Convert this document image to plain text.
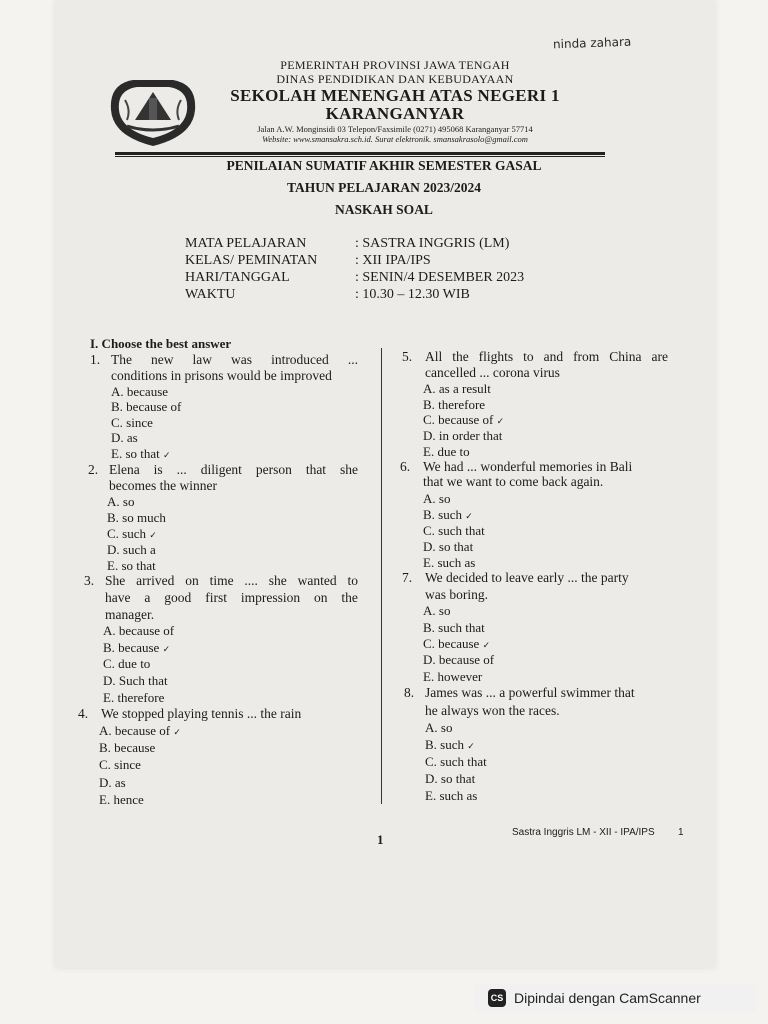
ninda zahara
PEMERINTAH PROVINSI JAWA TENGAH
DINAS PENDIDIKAN DAN KEBUDAYAAN
SEKOLAH MENENGAH ATAS NEGERI 1
KARANGANYAR
Jalan A.W. Monginsidi 03 Telepon/Faxsimile (0271) 495068 Karanganyar 57714
Website: www.smansakra.sch.id. Surat elektronik. smansakrasolo@gmail.com
PENILAIAN SUMATIF AKHIR SEMESTER GASAL
TAHUN PELAJARAN 2023/2024
NASKAH SOAL
MATA PELAJARAN	: SASTRA INGGRIS (LM)
KELAS/ PEMINATAN	: XII IPA/IPS
HARI/TANGGAL	: SENIN/4 DESEMBER 2023
WAKTU	: 10.30 – 12.30 WIB
I. Choose the best answer
1. The new law was introduced ...
conditions in prisons would be improved
A. because
B. because of
C. since
D. as
E. so that ✓
2. Elena is ... diligent person that she
becomes the winner
A. so
B. so much
C. such ✓
D. such a
E. so that
3. She arrived on time .... she wanted to
have a good first impression on the
manager.
A. because of
B. because ✓
C. due to
D. Such that
E. therefore
4. We stopped playing tennis ... the rain
A. because of ✓
B. because
C. since
D. as
E. hence
5. All the flights to and from China are
cancelled ... corona virus
A. as a result
B. therefore
C. because of ✓
D. in order that
E. due to
6. We had ... wonderful memories in Bali
that we want to come back again.
A. so
B. such ✓
C. such that
D. so that
E. such as
7. We decided to leave early ... the party
was boring.
A. so
B. such that
C. because ✓
D. because of
E. however
8. James was ... a powerful swimmer that
he always won the races.
A. so
B. such ✓
C. such that
D. so that
E. such as
1	Sastra Inggris LM - XII - IPA/IPS 1
CS Dipindai dengan CamScanner
